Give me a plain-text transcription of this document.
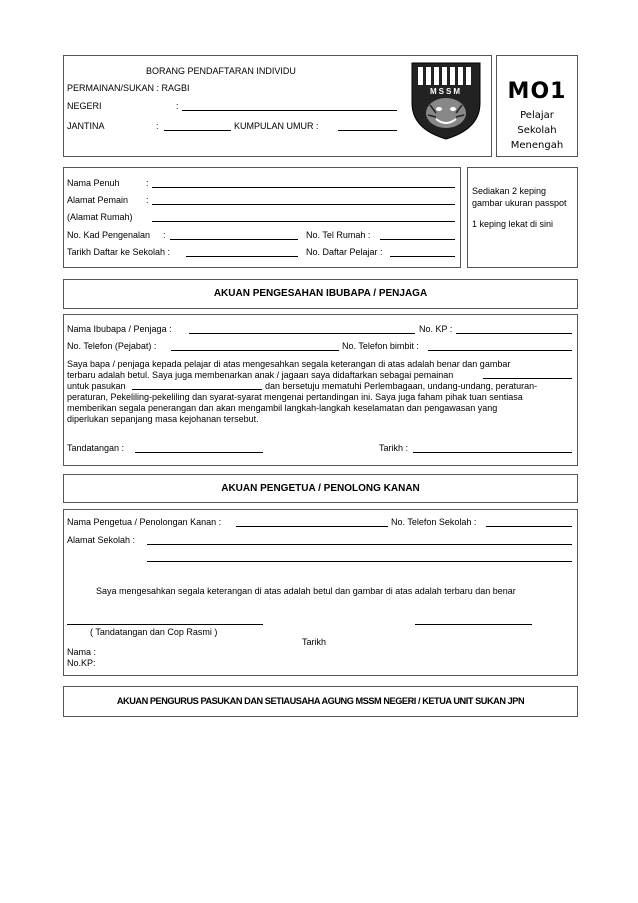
BORANG PENDAFTARAN INDIVIDU
PERMAINAN/SUKAN : RAGBI
NEGERI	:
JANTINA	:	KUMPULAN UMUR :
MSSM	MO1
Pelajar
Sekolah
Menengah
Nama Penuh	:
Alamat Pemain :
(Alamat Rumah)
No. Kad Pengenalan :	No. Tel Rumah :
Tarikh Daftar ke Sekolah :	No. Daftar Pelajar :
Sediakan 2 keping
gambar ukuran passpot
1 keping lekat di sini
AKUAN PENGESAHAN IBUBAPA / PENJAGA
Nama Ibubapa / Penjaga :	No. KP :
No. Telefon (Pejabat) :	No. Telefon bimbit :
Saya bapa / penjaga kepada pelajar di atas mengesahkan segala keterangan di atas adalah benar dan gambar
terbaru adalah betul. Saya juga membenarkan anak / jagaan saya didaftarkan sebagai pemainan
untuk pasukan	dan bersetuju mematuhi Perlembagaan, undang-undang, peraturan-
peraturan, Pekeliling-pekeliling dan syarat-syarat mengenai pertandingan ini. Saya juga faham pihak tuan sentiasa
memberikan segala penerangan dan akan mengambil langkah-langkah keselamatan dan pengawasan yang
diperlukan sepanjang masa kejohanan tersebut.
Tandatangan :	Tarikh :
AKUAN PENGETUA / PENOLONG KANAN
Nama Pengetua / Penolongan Kanan :	No. Telefon Sekolah :
Alamat Sekolah :
Saya mengesahkan segala keterangan di atas adalah betul dan gambar di atas adalah terbaru dan benar
( Tandatangan dan Cop Rasmi )
Tarikh
Nama :
No.KP:
AKUAN PENGURUS PASUKAN DAN SETIAUSAHA AGUNG MSSM NEGERI / KETUA UNIT SUKAN JPN
